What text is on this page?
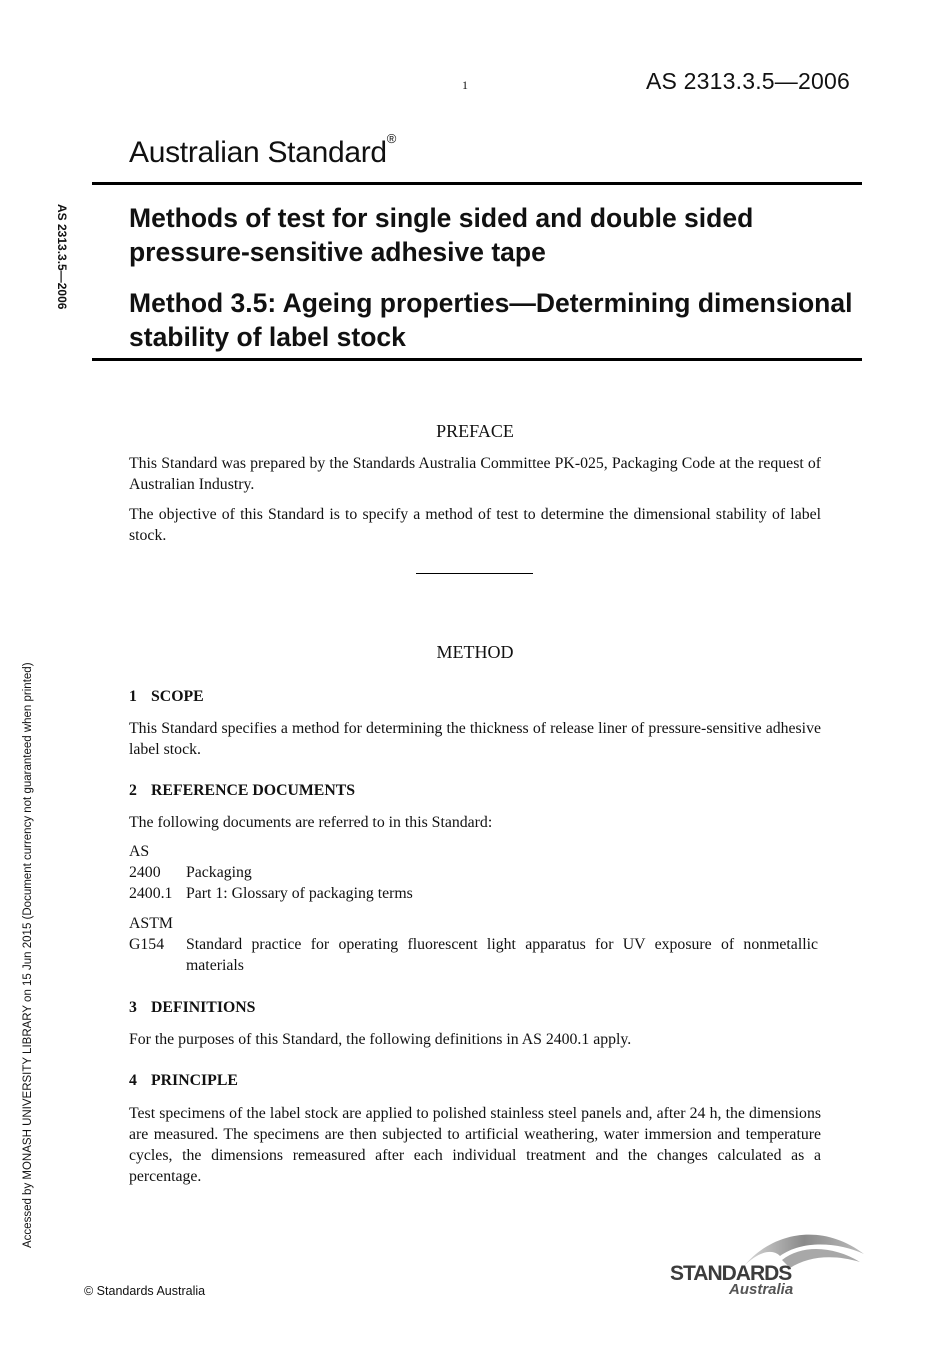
1	AS 2313.3.5—2006
Australian Standard®
Methods of test for single sided and double sided pressure-sensitive adhesive tape
Method 3.5: Ageing properties—Determining dimensional stability of label stock
AS 2313.3.5—2006
Accessed by MONASH UNIVERSITY LIBRARY on 15 Jun 2015 (Document currency not guaranteed when printed)
PREFACE
This Standard was prepared by the Standards Australia Committee PK-025, Packaging Code at the request of Australian Industry.
The objective of this Standard is to specify a method of test to determine the dimensional stability of label stock.
METHOD
1 SCOPE
This Standard specifies a method for determining the thickness of release liner of pressure-sensitive adhesive label stock.
2 REFERENCE DOCUMENTS
The following documents are referred to in this Standard:
AS
2400 Packaging
2400.1 Part 1: Glossary of packaging terms
ASTM
G154 Standard practice for operating fluorescent light apparatus for UV exposure of nonmetallic materials
3 DEFINITIONS
For the purposes of this Standard, the following definitions in AS 2400.1 apply.
4 PRINCIPLE
Test specimens of the label stock are applied to polished stainless steel panels and, after 24 h, the dimensions are measured. The specimens are then subjected to artificial weathering, water immersion and temperature cycles, the dimensions remeasured after each individual treatment and the changes calculated as a percentage.
© Standards Australia
STANDARDS
Australia
